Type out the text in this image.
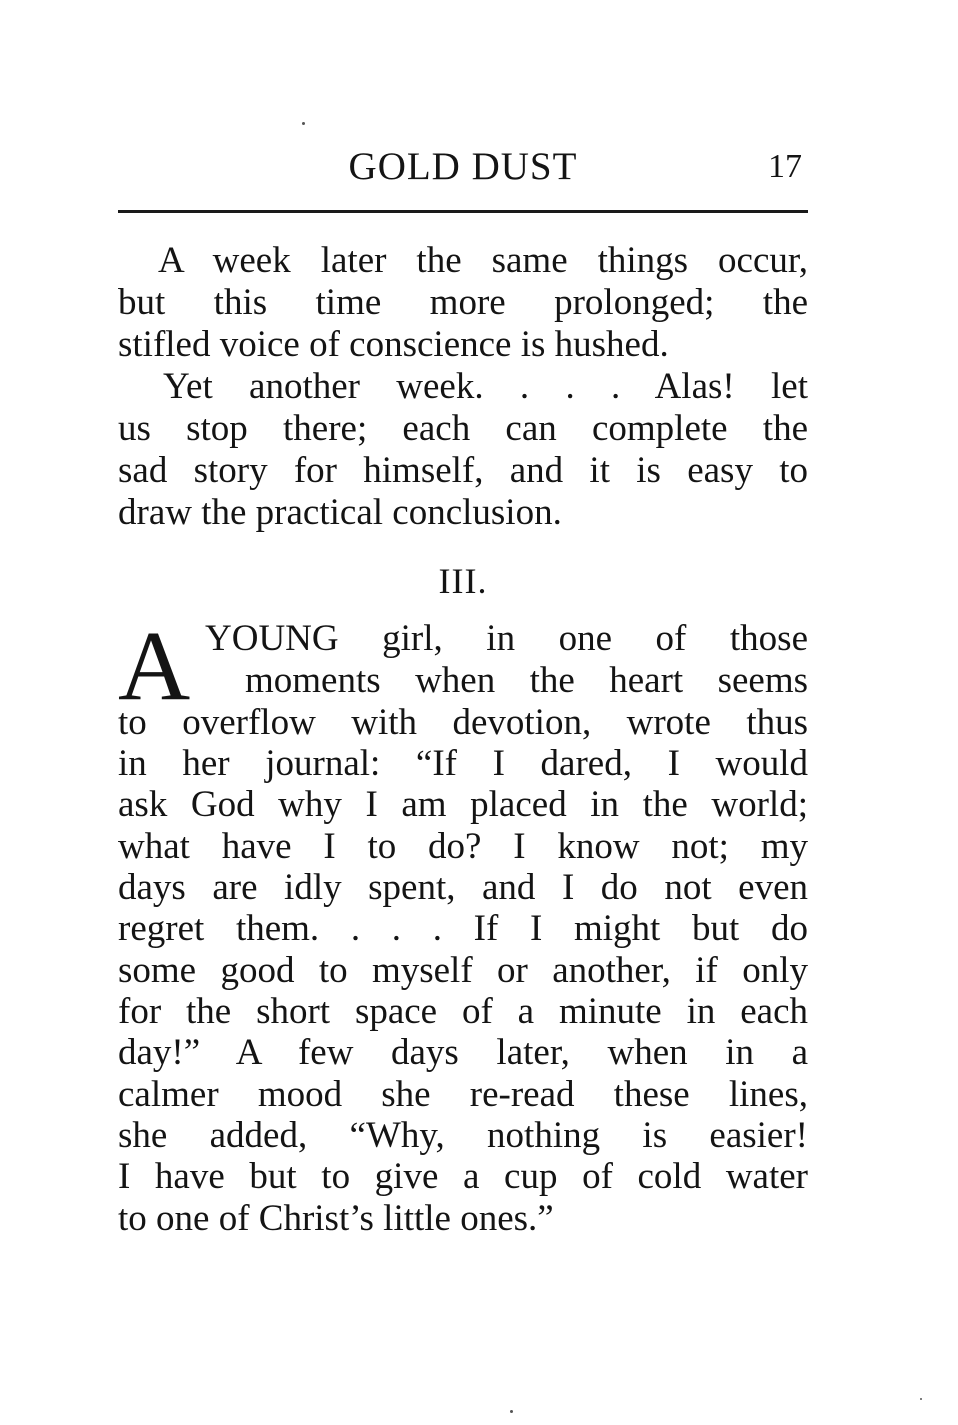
GOLD DUST	17
A week later the same things occur,
but this time more prolonged; the
stifled voice of conscience is hushed.
Yet another week. . . . Alas! let
us stop there; each can complete the
sad story for himself, and it is easy to
draw the practical conclusion.
III.
A YOUNG girl, in one of those
moments when the heart seems
to overflow with devotion, wrote thus
in her journal: “If I dared, I would
ask God why I am placed in the world;
what have I to do? I know not; my
days are idly spent, and I do not even
regret them. . . . If I might but do
some good to myself or another, if only
for the short space of a minute in each
day!” A few days later, when in a
calmer mood she re-read these lines,
she added, “Why, nothing is easier!
I have but to give a cup of cold water
to one of Christ’s little ones.”
